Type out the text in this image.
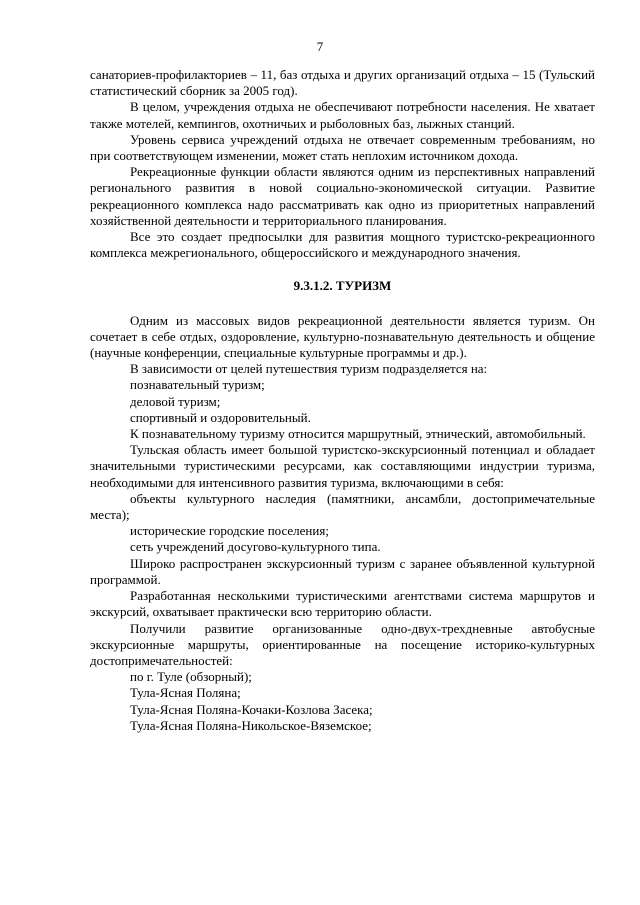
7

санаториев-профилакториев – 11, баз отдыха и других организаций отдыха – 15 (Тульский статистический сборник за 2005 год).

В целом, учреждения отдыха не обеспечивают потребности населения. Не хватает также мотелей, кемпингов, охотничьих и рыболовных баз, лыжных станций.

Уровень сервиса учреждений отдыха не отвечает современным требованиям, но при соответствующем изменении, может стать неплохим источником дохода.

Рекреационные функции области являются одним из перспективных направлений регионального развития в новой социально-экономической ситуации. Развитие рекреационного комплекса надо рассматривать как одно из приоритетных направлений хозяйственной деятельности и территориального планирования.

Все это создает предпосылки для развития мощного туристско-рекреационного комплекса межрегионального, общероссийского и международного значения.

9.3.1.2. ТУРИЗМ

Одним из массовых видов рекреационной деятельности является туризм. Он сочетает в себе отдых, оздоровление, культурно-познавательную деятельность и общение (научные конференции, специальные культурные программы и др.).

В зависимости от целей путешествия туризм подразделяется на:

познавательный туризм;

деловой туризм;

спортивный и оздоровительный.

К познавательному туризму относится маршрутный, этнический, автомобильный.

Тульская область имеет большой туристско-экскурсионный потенциал и обладает значительными туристическими ресурсами, как составляющими индустрии туризма, необходимыми для интенсивного развития туризма, включающими в себя:

объекты культурного наследия (памятники, ансамбли, достопримечательные места);

исторические городские поселения;

сеть учреждений досугово-культурного типа.

Широко распространен экскурсионный туризм с заранее объявленной культурной программой.

Разработанная несколькими туристическими агентствами система маршрутов и экскурсий, охватывает практически всю территорию области.

Получили развитие организованные одно-двух-трехдневные автобусные экскурсионные маршруты, ориентированные на посещение историко-культурных достопримечательностей:

по г. Туле (обзорный);

Тула-Ясная Поляна;

Тула-Ясная Поляна-Кочаки-Козлова Засека;

Тула-Ясная Поляна-Никольское-Вяземское;
